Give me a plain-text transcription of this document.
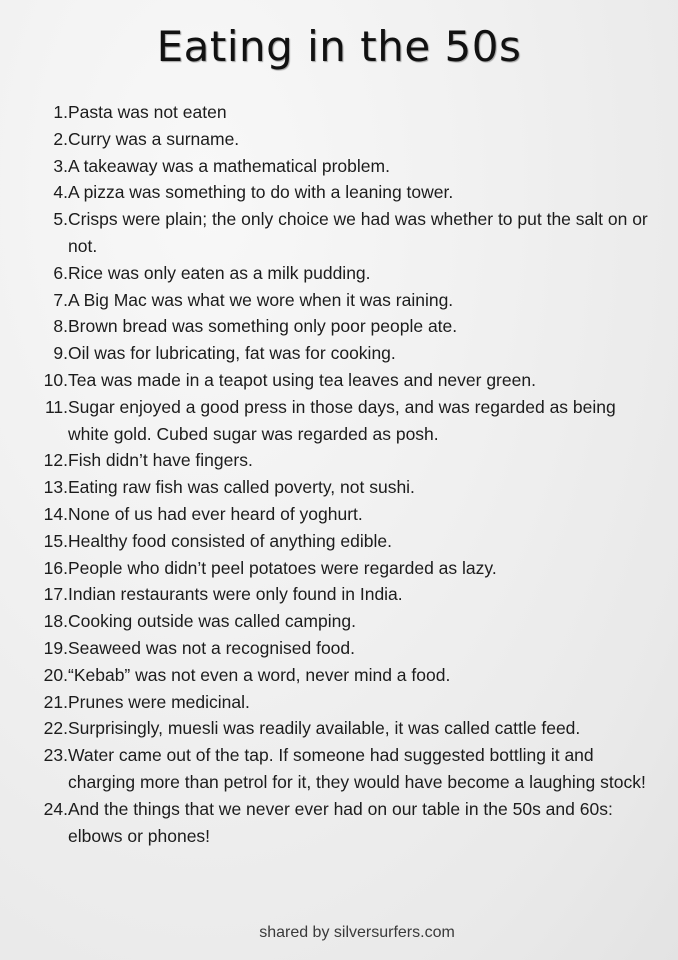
Eating in the 50s
1. Pasta was not eaten
2. Curry was a surname.
3. A takeaway was a mathematical problem.
4. A pizza was something to do with a leaning tower.
5. Crisps were plain; the only choice we had was whether to put the salt on or not.
6. Rice was only eaten as a milk pudding.
7. A Big Mac was what we wore when it was raining.
8. Brown bread was something only poor people ate.
9. Oil was for lubricating, fat was for cooking.
10. Tea was made in a teapot using tea leaves and never green.
11. Sugar enjoyed a good press in those days, and was regarded as being white gold. Cubed sugar was regarded as posh.
12. Fish didn’t have fingers.
13. Eating raw fish was called poverty, not sushi.
14. None of us had ever heard of yoghurt.
15. Healthy food consisted of anything edible.
16. People who didn’t peel potatoes were regarded as lazy.
17. Indian restaurants were only found in India.
18. Cooking outside was called camping.
19. Seaweed was not a recognised food.
20. “Kebab” was not even a word, never mind a food.
21. Prunes were medicinal.
22. Surprisingly, muesli was readily available, it was called cattle feed.
23. Water came out of the tap. If someone had suggested bottling it and charging more than petrol for it, they would have become a laughing stock!
24. And the things that we never ever had on our table in the 50s and 60s: elbows or phones!

shared by silversurfers.com
